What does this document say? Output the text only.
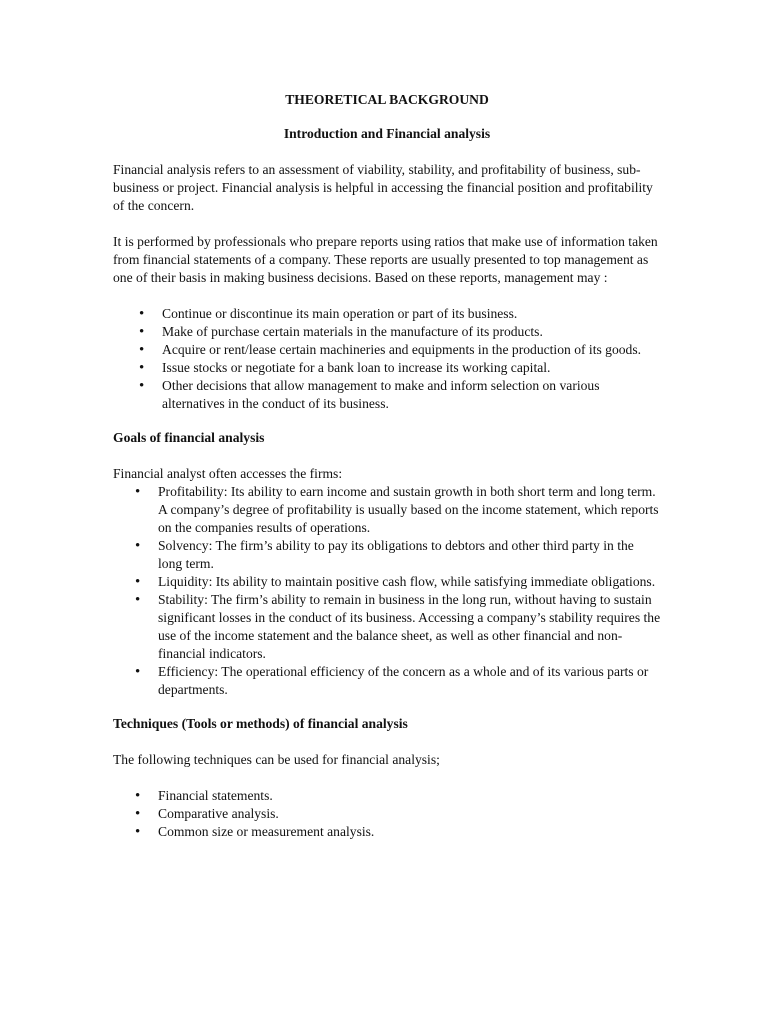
THEORETICAL BACKGROUND
Introduction and Financial analysis

Financial analysis refers to an assessment of viability, stability, and profitability of business, sub-business or project. Financial analysis is helpful in accessing the financial position and profitability of the concern.

It is performed by professionals who prepare reports using ratios that make use of information taken from financial statements of a company. These reports are usually presented to top management as one of their basis in making business decisions. Based on these reports, management may :

• Continue or discontinue its main operation or part of its business.
• Make of purchase certain materials in the manufacture of its products.
• Acquire or rent/lease certain machineries and equipments in the production of its goods.
• Issue stocks or negotiate for a bank loan to increase its working capital.
• Other decisions that allow management to make and inform selection on various alternatives in the conduct of its business.
Goals of financial analysis

Financial analyst often accesses the firms:

• Profitability: Its ability to earn income and sustain growth in both short term and long term. A company’s degree of profitability is usually based on the income statement, which reports on the companies results of operations.
• Solvency: The firm’s ability to pay its obligations to debtors and other third party in the long term.
• Liquidity: Its ability to maintain positive cash flow, while satisfying immediate obligations.
• Stability: The firm’s ability to remain in business in the long run, without having to sustain significant losses in the conduct of its business. Accessing a company’s stability requires the use of the income statement and the balance sheet, as well as other financial and non-financial indicators.
• Efficiency: The operational efficiency of the concern as a whole and of its various parts or departments.
Techniques (Tools or methods) of financial analysis

The following techniques can be used for financial analysis;

• Financial statements.
• Comparative analysis.
• Common size or measurement analysis.
